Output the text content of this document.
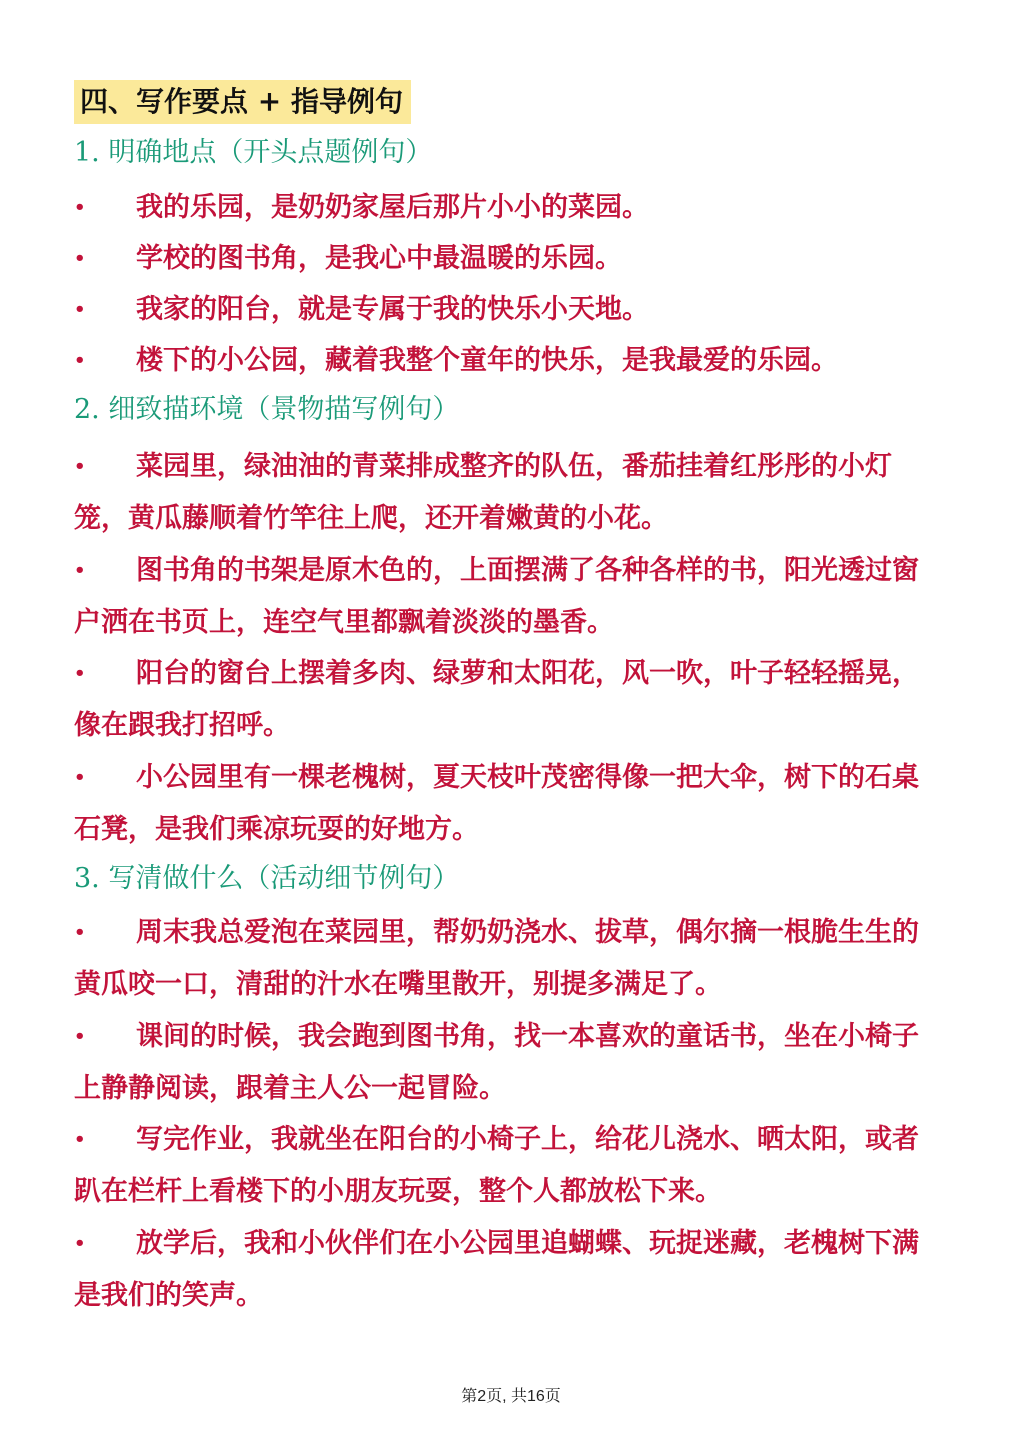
四、写作要点 + 指导例句
1. 明确地点（开头点题例句）
•	我的乐园，是奶奶家屋后那片小小的菜园。
•	学校的图书角，是我心中最温暖的乐园。
•	我家的阳台，就是专属于我的快乐小天地。
•	楼下的小公园，藏着我整个童年的快乐，是我最爱的乐园。
2. 细致描环境（景物描写例句）
•	菜园里，绿油油的青菜排成整齐的队伍，番茄挂着红彤彤的小灯笼，黄瓜藤顺着竹竿往上爬，还开着嫩黄的小花。
•	图书角的书架是原木色的，上面摆满了各种各样的书，阳光透过窗户洒在书页上，连空气里都飘着淡淡的墨香。
•	阳台的窗台上摆着多肉、绿萝和太阳花，风一吹，叶子轻轻摇晃，像在跟我打招呼。
•	小公园里有一棵老槐树，夏天枝叶茂密得像一把大伞，树下的石桌石凳，是我们乘凉玩耍的好地方。
3. 写清做什么（活动细节例句）
•	周末我总爱泡在菜园里，帮奶奶浇水、拔草，偶尔摘一根脆生生的黄瓜咬一口，清甜的汁水在嘴里散开，别提多满足了。
•	课间的时候，我会跑到图书角，找一本喜欢的童话书，坐在小椅子上静静阅读，跟着主人公一起冒险。
•	写完作业，我就坐在阳台的小椅子上，给花儿浇水、晒太阳，或者趴在栏杆上看楼下的小朋友玩耍，整个人都放松下来。
•	放学后，我和小伙伴们在小公园里追蝴蝶、玩捉迷藏，老槐树下满是我们的笑声。
第2页, 共16页
